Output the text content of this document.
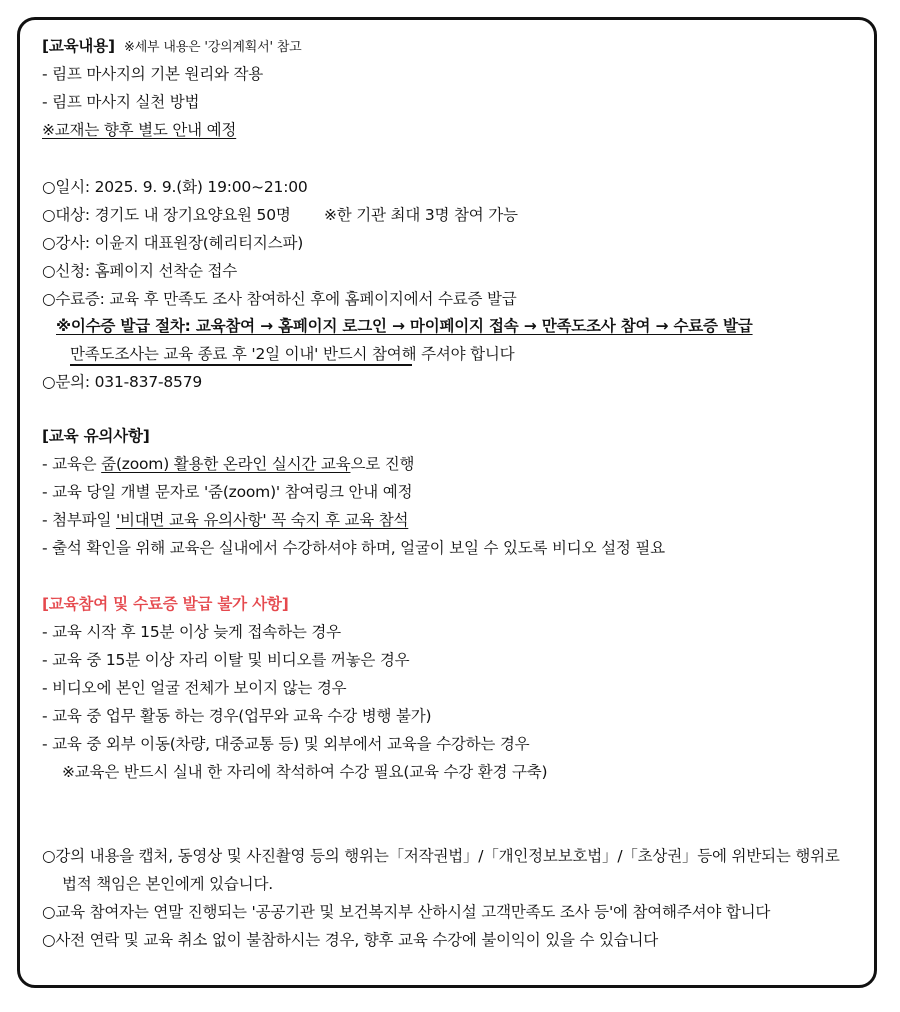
[교육내용] ※세부 내용은 '강의계획서' 참고
- 림프 마사지의 기본 원리와 작용
- 림프 마사지 실천 방법
※교재는 향후 별도 안내 예정
○일시: 2025. 9. 9.(화) 19:00~21:00
○대상: 경기도 내 장기요양요원 50명 ※한 기관 최대 3명 참여 가능
○강사: 이윤지 대표원장(헤리티지스파)
○신청: 홈페이지 선착순 접수
○수료증: 교육 후 만족도 조사 참여하신 후에 홈페이지에서 수료증 발급
※이수증 발급 절차: 교육참여 → 홈페이지 로그인 → 마이페이지 접속 → 만족도조사 참여 → 수료증 발급
만족도조사는 교육 종료 후 '2일 이내' 반드시 참여해 주셔야 합니다
○문의: 031-837-8579
[교육 유의사항]
- 교육은 줌(zoom) 활용한 온라인 실시간 교육으로 진행
- 교육 당일 개별 문자로 '줌(zoom)' 참여링크 안내 예정
- 첨부파일 '비대면 교육 유의사항' 꼭 숙지 후 교육 참석
- 출석 확인을 위해 교육은 실내에서 수강하셔야 하며, 얼굴이 보일 수 있도록 비디오 설정 필요
[교육참여 및 수료증 발급 불가 사항]
- 교육 시작 후 15분 이상 늦게 접속하는 경우
- 교육 중 15분 이상 자리 이탈 및 비디오를 꺼놓은 경우
- 비디오에 본인 얼굴 전체가 보이지 않는 경우
- 교육 중 업무 활동 하는 경우(업무와 교육 수강 병행 불가)
- 교육 중 외부 이동(차량, 대중교통 등) 및 외부에서 교육을 수강하는 경우
※교육은 반드시 실내 한 자리에 착석하여 수강 필요(교육 수강 환경 구축)
○강의 내용을 캡처, 동영상 및 사진촬영 등의 행위는「저작권법」/「개인정보보호법」/「초상권」등에 위반되는 행위로
법적 책임은 본인에게 있습니다.
○교육 참여자는 연말 진행되는 '공공기관 및 보건복지부 산하시설 고객만족도 조사 등'에 참여해주셔야 합니다
○사전 연락 및 교육 취소 없이 불참하시는 경우, 향후 교육 수강에 불이익이 있을 수 있습니다
